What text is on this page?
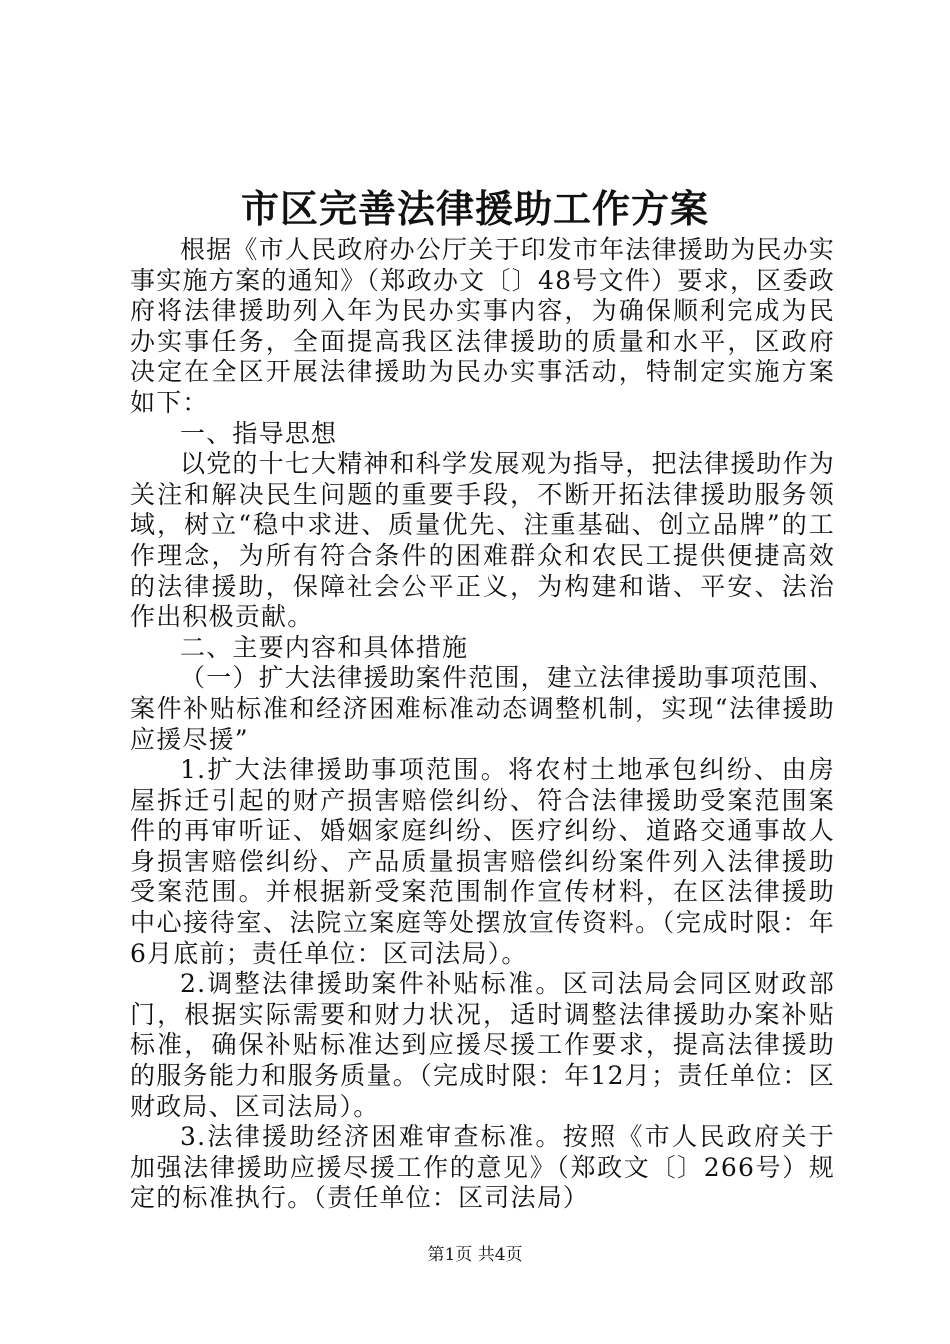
市区完善法律援助工作方案

根据《市人民政府办公厅关于印发市年法律援助为民办实事实施方案的通知》（郑政办文〔〕48号文件）要求，区委政府将法律援助列入年为民办实事内容，为确保顺利完成为民办实事任务，全面提高我区法律援助的质量和水平，区政府决定在全区开展法律援助为民办实事活动，特制定实施方案如下：

一、指导思想

以党的十七大精神和科学发展观为指导，把法律援助作为关注和解决民生问题的重要手段，不断开拓法律援助服务领域，树立“稳中求进、质量优先、注重基础、创立品牌”的工作理念，为所有符合条件的困难群众和农民工提供便捷高效的法律援助，保障社会公平正义，为构建和谐、平安、法治作出积极贡献。

二、主要内容和具体措施

（一）扩大法律援助案件范围，建立法律援助事项范围、案件补贴标准和经济困难标准动态调整机制，实现“法律援助应援尽援”

1.扩大法律援助事项范围。将农村土地承包纠纷、由房屋拆迁引起的财产损害赔偿纠纷、符合法律援助受案范围案件的再审听证、婚姻家庭纠纷、医疗纠纷、道路交通事故人身损害赔偿纠纷、产品质量损害赔偿纠纷案件列入法律援助受案范围。并根据新受案范围制作宣传材料，在区法律援助中心接待室、法院立案庭等处摆放宣传资料。（完成时限：年6月底前；责任单位：区司法局）。

2.调整法律援助案件补贴标准。区司法局会同区财政部门，根据实际需要和财力状况，适时调整法律援助办案补贴标准，确保补贴标准达到应援尽援工作要求，提高法律援助的服务能力和服务质量。（完成时限：年12月；责任单位：区财政局、区司法局）。

3.法律援助经济困难审查标准。按照《市人民政府关于加强法律援助应援尽援工作的意见》（郑政文〔〕266号）规定的标准执行。（责任单位：区司法局）

第1页 共4页
